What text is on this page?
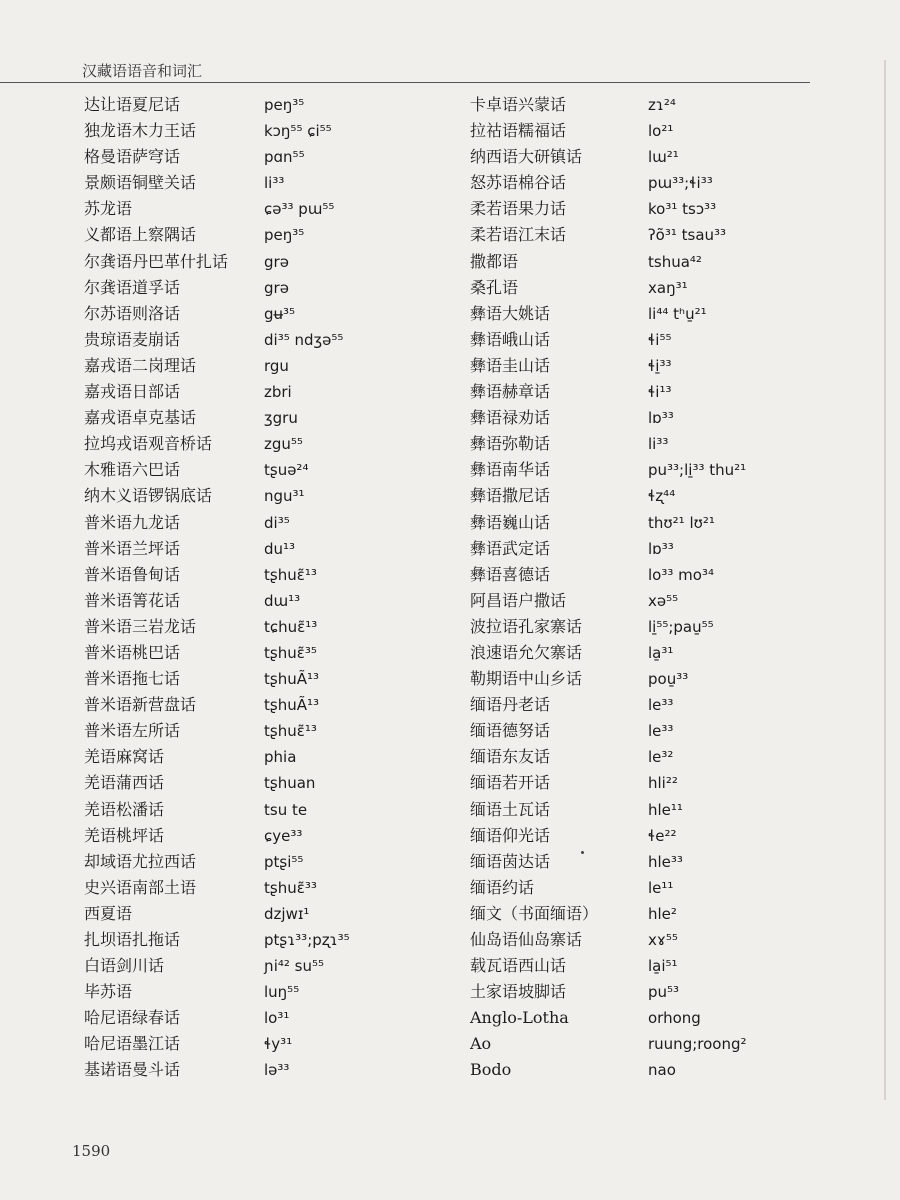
汉藏语语音和词汇
达让语夏尼话	peŋ³⁵
独龙语木力王话	kɔŋ⁵⁵ ɕi⁵⁵
格曼语萨穹话	pɑn⁵⁵
景颇语铜壁关话	li³³
苏龙语	ɕə³³ pɯ⁵⁵
义都语上察隅话	peŋ³⁵
尔龚语丹巴革什扎话 grə
尔龚语道孚话	grə
尔苏语则洛话	gʉ³⁵
贵琼语麦崩话	di³⁵ ndʒə⁵⁵
嘉戎语二岗理话	rgu
嘉戎语日部话	zbri
嘉戎语卓克基话	ʒgru
拉坞戎语观音桥话	zgu⁵⁵
木雅语六巴话	tʂuə²⁴
纳木义语锣锅底话	ngu³¹
普米语九龙话	di³⁵
普米语兰坪话	du¹³
普米语鲁甸话	tʂhuɛ̃¹³
普米语箐花话	dɯ¹³
普米语三岩龙话	tɕhuɛ̃¹³
普米语桃巴话	tʂhuɛ̃³⁵
普米语拖七话	tʂhuÃ¹³
普米语新营盘话	tʂhuÃ¹³
普米语左所话	tʂhuɛ̃¹³
羌语麻窝话	phia
羌语蒲西话	tʂhuan
羌语松潘话	tsu te
羌语桃坪话	ɕye³³
却域语尤拉西话	ptʂi⁵⁵
史兴语南部土语	tʂhuɛ̃³³
西夏语	dzjwɪ¹
扎坝语扎拖话	ptʂɿ³³;pʐɿ³⁵
白语剑川话	ɲi⁴² su⁵⁵
毕苏语	luŋ⁵⁵
哈尼语绿春话	lo³¹
哈尼语墨江话	ɬy³¹
基诺语曼斗话	lə³³
卡卓语兴蒙话	zɿ²⁴
拉祜语糯福话	lo²¹
纳西语大研镇话	lɯ²¹
怒苏语棉谷话	pɯ³³;ɬi³³
柔若语果力话	ko³¹ tsɔ³³
柔若语江末话	ʔõ³¹ tsau³³
撒都语	tshua⁴²
桑孔语	xaŋ³¹
彝语大姚话	li⁴⁴ tʰu̱²¹
彝语峨山话	ɬi⁵⁵
彝语圭山话	ɬi̱³³
彝语赫章话	ɬi¹³
彝语禄劝话	lɒ³³
彝语弥勒话	li³³
彝语南华话	pu³³;li̱³³ thu²¹
彝语撒尼话	ɬʐ⁴⁴
彝语巍山话	thʊ²¹ lʊ²¹
彝语武定话	lɒ³³
彝语喜德话	lo³³ mo³⁴
阿昌语户撒话	xə⁵⁵
波拉语孔家寨话	li̱⁵⁵;pau̱⁵⁵
浪速语允欠寨话	la̱³¹
勒期语中山乡话	pou̱³³
缅语丹老话	le³³
缅语德努话	le³³
缅语东友话	le³²
缅语若开话	hli²²
缅语土瓦话	hle¹¹
缅语仰光话	ɬe²²
缅语茵达话	hle³³
缅语约话	le¹¹
缅文（书面缅语）	hle²
仙岛语仙岛寨话	xɤ⁵⁵
载瓦语西山话	la̱i⁵¹
土家语坡脚话	pu⁵³
Anglo-Lotha	orhong
Ao	ruung;roong²
Bodo	nao
1590
